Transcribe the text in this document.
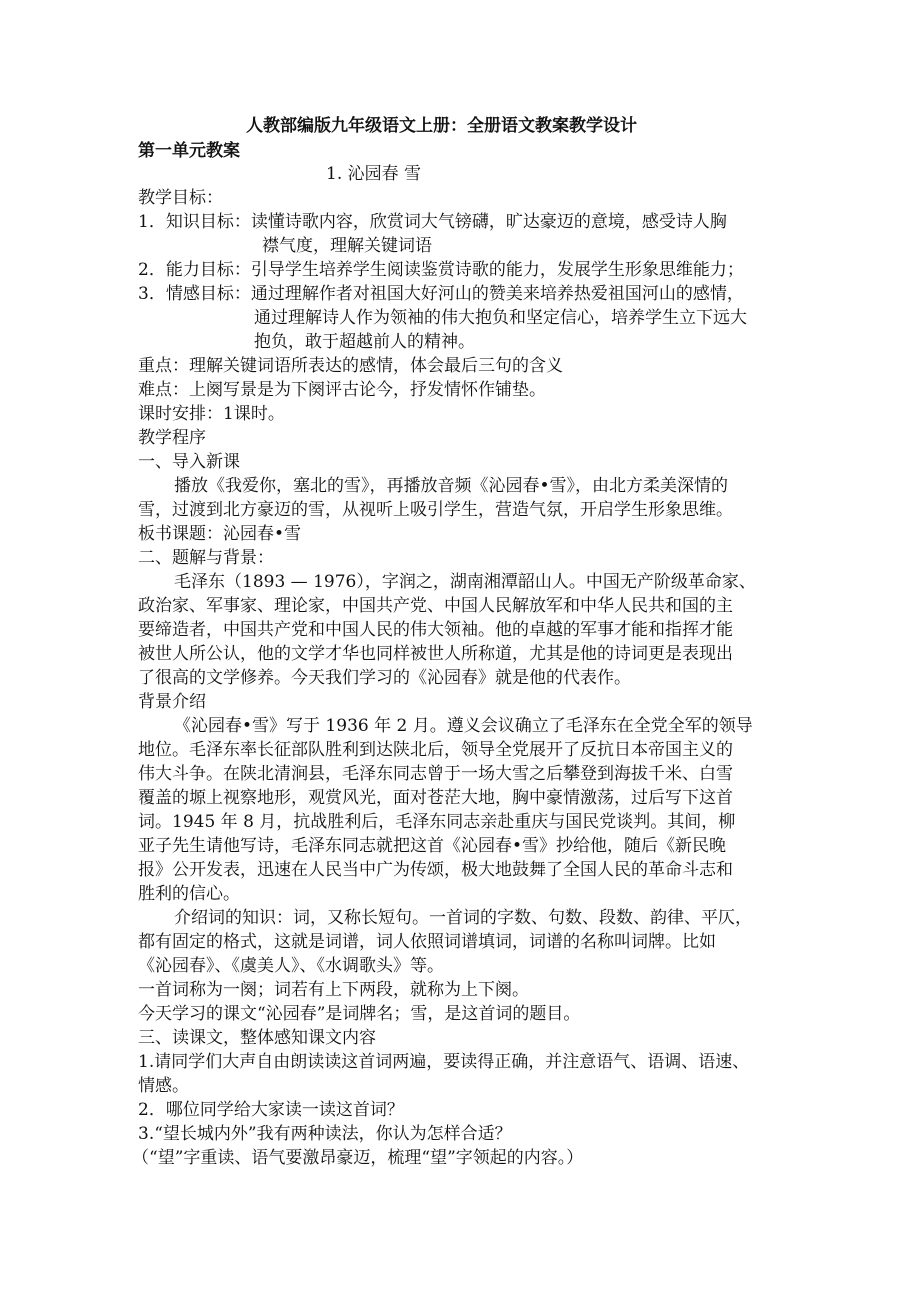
人教部编版九年级语文上册：全册语文教案教学设计
第一单元教案
1. 沁园春 雪
教学目标：
1．知识目标：读懂诗歌内容，欣赏词大气镑礴，旷达豪迈的意境，感受诗人胸
襟气度，理解关键词语
2．能力目标：引导学生培养学生阅读鉴赏诗歌的能力，发展学生形象思维能力；
3．情感目标：通过理解作者对祖国大好河山的赞美来培养热爱祖国河山的感情，
通过理解诗人作为领袖的伟大抱负和坚定信心，培养学生立下远大
抱负，敢于超越前人的精神。
重点：理解关键词语所表达的感情，体会最后三句的含义
难点：上阕写景是为下阕评古论今，抒发情怀作铺垫。
课时安排：1课时。
教学程序
一、导入新课
播放《我爱你，塞北的雪》，再播放音频《沁园春•雪》，由北方柔美深情的
雪，过渡到北方豪迈的雪，从视听上吸引学生，营造气氛，开启学生形象思维。
板书课题：沁园春•雪
二、题解与背景：
毛泽东（1893 — 1976），字润之，湖南湘潭韶山人。中国无产阶级革命家、
政治家、军事家、理论家，中国共产党、中国人民解放军和中华人民共和国的主
要缔造者，中国共产党和中国人民的伟大领袖。他的卓越的军事才能和指挥才能
被世人所公认，他的文学才华也同样被世人所称道，尤其是他的诗词更是表现出
了很高的文学修养。今天我们学习的《沁园春》就是他的代表作。
背景介绍
《沁园春•雪》写于 1936 年 2 月。遵义会议确立了毛泽东在全党全军的领导
地位。毛泽东率长征部队胜利到达陕北后，领导全党展开了反抗日本帝国主义的
伟大斗争。在陕北清涧县，毛泽东同志曾于一场大雪之后攀登到海拔千米、白雪
覆盖的塬上视察地形，观赏风光，面对苍茫大地，胸中豪情激荡，过后写下这首
词。1945 年 8 月，抗战胜利后，毛泽东同志亲赴重庆与国民党谈判。其间，柳
亚子先生请他写诗，毛泽东同志就把这首《沁园春•雪》抄给他，随后《新民晚
报》公开发表，迅速在人民当中广为传颂，极大地鼓舞了全国人民的革命斗志和
胜利的信心。
介绍词的知识：词，又称长短句。一首词的字数、句数、段数、韵律、平仄，
都有固定的格式，这就是词谱，词人依照词谱填词，词谱的名称叫词牌。比如
《沁园春》、《虞美人》、《水调歌头》等。
一首词称为一阕；词若有上下两段，就称为上下阕。
今天学习的课文“沁园春”是词牌名；雪，是这首词的题目。
三、读课文，整体感知课文内容
1.请同学们大声自由朗读读这首词两遍，要读得正确，并注意语气、语调、语速、
情感。
2．哪位同学给大家读一读这首词？
3.“望长城内外”我有两种读法，你认为怎样合适？
（“望”字重读、语气要激昂豪迈，梳理“望”字领起的内容。）
